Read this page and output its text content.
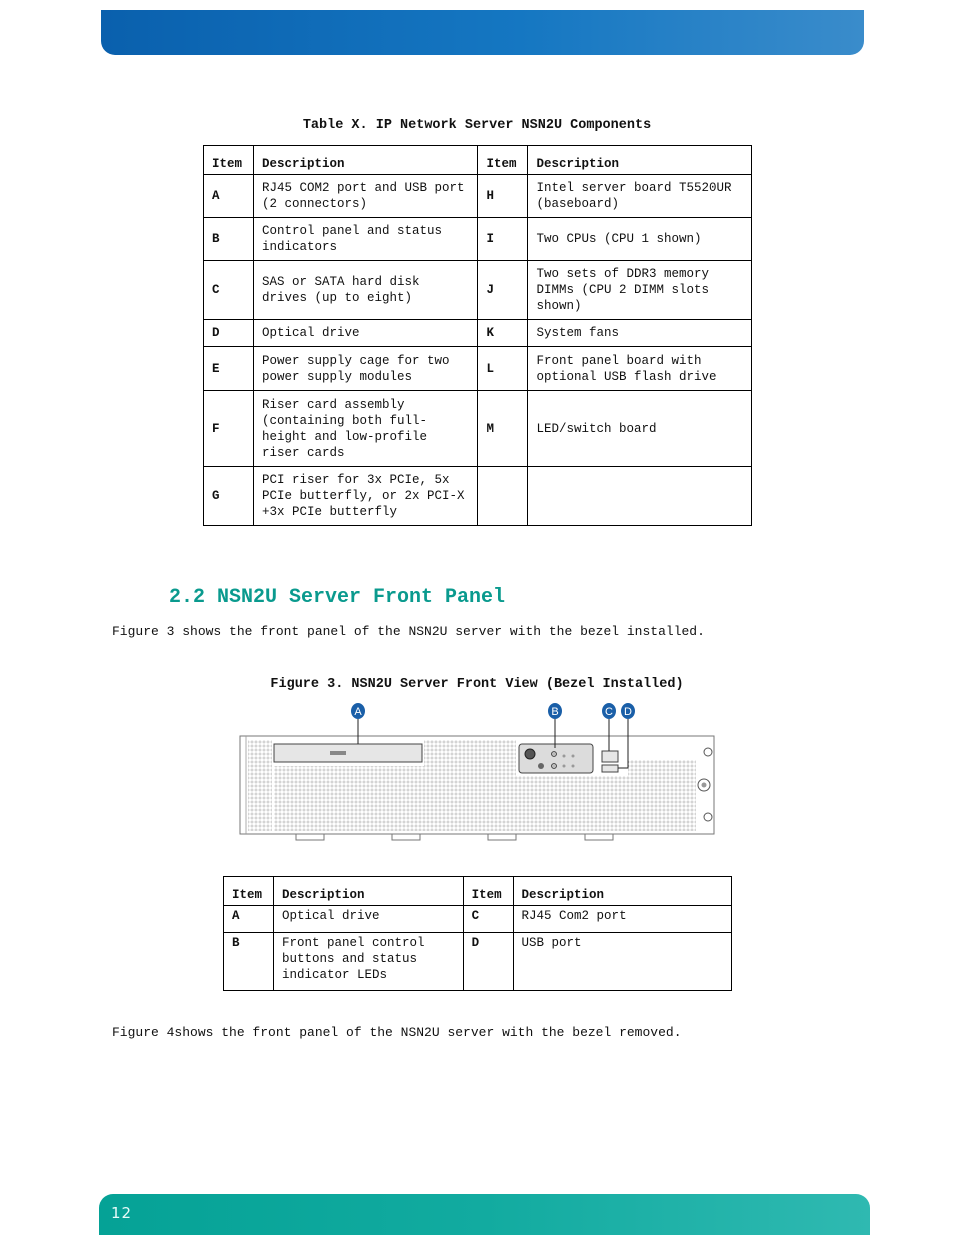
Table X. IP Network Server NSN2U Components
Item	Description	Item	Description
A	RJ45 COM2 port and USB port (2 connectors)	H	Intel server board T5520UR (baseboard)
B	Control panel and status indicators	I	Two CPUs (CPU 1 shown)
C	SAS or SATA hard disk drives (up to eight)	J	Two sets of DDR3 memory DIMMs (CPU 2 DIMM slots shown)
D	Optical drive	K	System fans
E	Power supply cage for two power supply modules	L	Front panel board with optional USB flash drive
F	Riser card assembly (containing both full-height and low-profile riser cards	M	LED/switch board
G	PCI riser for 3x PCIe, 5x PCIe butterfly, or 2x PCI-X +3x PCIe butterfly		
2.2 NSN2U Server Front Panel
Figure 3 shows the front panel of the NSN2U server with the bezel installed.
Figure 3. NSN2U Server Front View (Bezel Installed)
A	B	C D
Item	Description	Item	Description
A	Optical drive	C	RJ45 Com2 port
B	Front panel control buttons and status indicator LEDs	D	USB port
Figure 4shows the front panel of the NSN2U server with the bezel removed.
12
